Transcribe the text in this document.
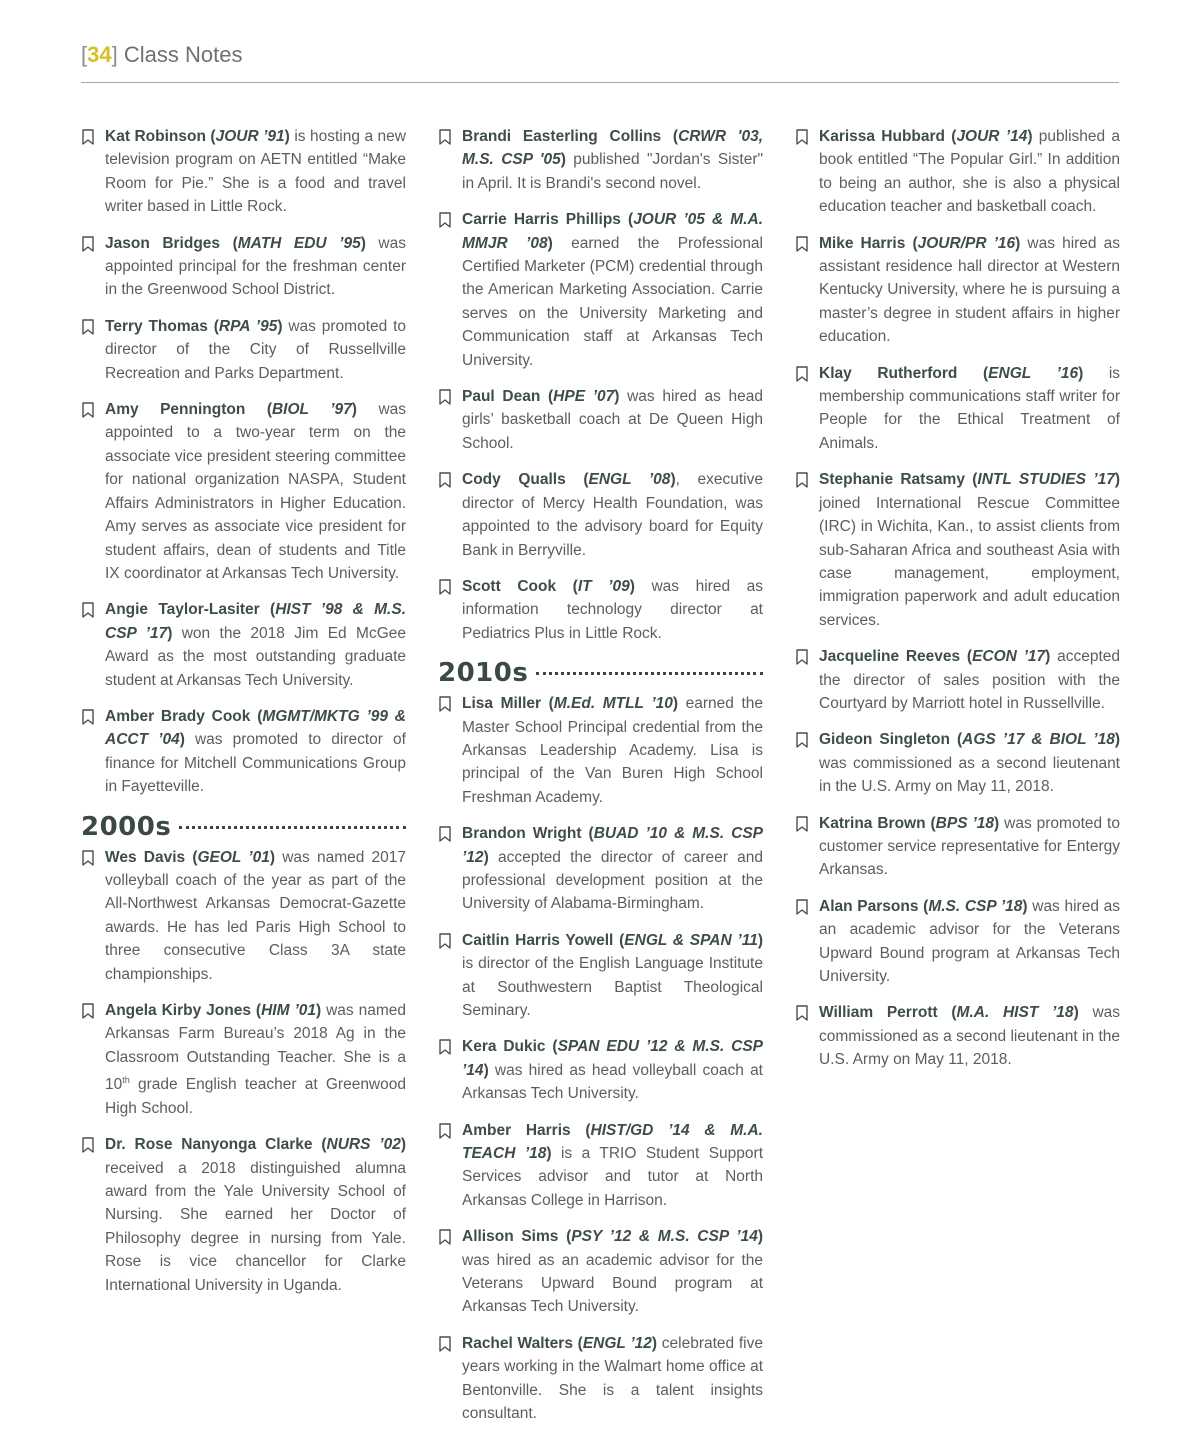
[34] Class Notes
Kat Robinson (JOUR ’91) is hosting a new television program on AETN entitled “Make Room for Pie.” She is a food and travel writer based in Little Rock.
Jason Bridges (MATH EDU ’95) was appointed principal for the freshman center in the Greenwood School District.
Terry Thomas (RPA ’95) was promoted to director of the City of Russellville Recreation and Parks Department.
Amy Pennington (BIOL ’97) was appointed to a two-year term on the associate vice president steering committee for national organization NASPA, Student Affairs Administrators in Higher Education. Amy serves as associate vice president for student affairs, dean of students and Title IX coordinator at Arkansas Tech University.
Angie Taylor-Lasiter (HIST ’98 & M.S. CSP ’17) won the 2018 Jim Ed McGee Award as the most outstanding graduate student at Arkansas Tech University.
Amber Brady Cook (MGMT/MKTG ’99 & ACCT ’04) was promoted to director of finance for Mitchell Communications Group in Fayetteville.
2000s
Wes Davis (GEOL ’01) was named 2017 volleyball coach of the year as part of the All-Northwest Arkansas Democrat-Gazette awards. He has led Paris High School to three consecutive Class 3A state championships.
Angela Kirby Jones (HIM ’01) was named Arkansas Farm Bureau’s 2018 Ag in the Classroom Outstanding Teacher. She is a 10th grade English teacher at Greenwood High School.
Dr. Rose Nanyonga Clarke (NURS ’02) received a 2018 distinguished alumna award from the Yale University School of Nursing. She earned her Doctor of Philosophy degree in nursing from Yale. Rose is vice chancellor for Clarke International University in Uganda.
Brandi Easterling Collins (CRWR '03, M.S. CSP '05) published "Jordan's Sister" in April. It is Brandi's second novel.
Carrie Harris Phillips (JOUR ’05 & M.A. MMJR ’08) earned the Professional Certified Marketer (PCM) credential through the American Marketing Association. Carrie serves on the University Marketing and Communication staff at Arkansas Tech University.
Paul Dean (HPE ’07) was hired as head girls’ basketball coach at De Queen High School.
Cody Qualls (ENGL ’08), executive director of Mercy Health Foundation, was appointed to the advisory board for Equity Bank in Berryville.
Scott Cook (IT ’09) was hired as information technology director at Pediatrics Plus in Little Rock.
2010s
Lisa Miller (M.Ed. MTLL ’10) earned the Master School Principal credential from the Arkansas Leadership Academy. Lisa is principal of the Van Buren High School Freshman Academy.
Brandon Wright (BUAD ’10 & M.S. CSP ’12) accepted the director of career and professional development position at the University of Alabama-Birmingham.
Caitlin Harris Yowell (ENGL & SPAN ’11) is director of the English Language Institute at Southwestern Baptist Theological Seminary.
Kera Dukic (SPAN EDU ’12 & M.S. CSP ’14) was hired as head volleyball coach at Arkansas Tech University.
Amber Harris (HIST/GD ’14 & M.A. TEACH ’18) is a TRIO Student Support Services advisor and tutor at North Arkansas College in Harrison.
Allison Sims (PSY ’12 & M.S. CSP ’14) was hired as an academic advisor for the Veterans Upward Bound program at Arkansas Tech University.
Rachel Walters (ENGL ’12) celebrated five years working in the Walmart home office at Bentonville. She is a talent insights consultant.
Karissa Hubbard (JOUR ’14) published a book entitled “The Popular Girl.” In addition to being an author, she is also a physical education teacher and basketball coach.
Mike Harris (JOUR/PR ’16) was hired as assistant residence hall director at Western Kentucky University, where he is pursuing a master’s degree in student affairs in higher education.
Klay Rutherford (ENGL ’16) is membership communications staff writer for People for the Ethical Treatment of Animals.
Stephanie Ratsamy (INTL STUDIES ’17) joined International Rescue Committee (IRC) in Wichita, Kan., to assist clients from sub-Saharan Africa and southeast Asia with case management, employment, immigration paperwork and adult education services.
Jacqueline Reeves (ECON ’17) accepted the director of sales position with the Courtyard by Marriott hotel in Russellville.
Gideon Singleton (AGS ’17 & BIOL ’18) was commissioned as a second lieutenant in the U.S. Army on May 11, 2018.
Katrina Brown (BPS ’18) was promoted to customer service representative for Entergy Arkansas.
Alan Parsons (M.S. CSP ’18) was hired as an academic advisor for the Veterans Upward Bound program at Arkansas Tech University.
William Perrott (M.A. HIST ’18) was commissioned as a second lieutenant in the U.S. Army on May 11, 2018.
